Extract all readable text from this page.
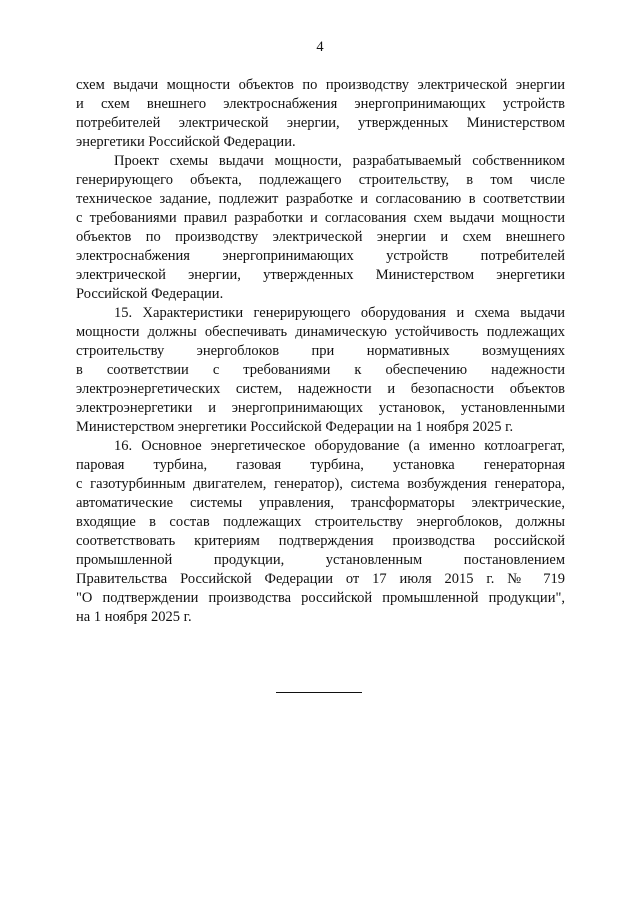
4
схем выдачи мощности объектов по производству электрической энергии
и схем внешнего электроснабжения энергопринимающих устройств
потребителей электрической энергии, утвержденных Министерством
энергетики Российской Федерации.
Проект схемы выдачи мощности, разрабатываемый собственником
генерирующего объекта, подлежащего строительству, в том числе
техническое задание, подлежит разработке и согласованию в соответствии
с требованиями правил разработки и согласования схем выдачи мощности
объектов по производству электрической энергии и схем внешнего
электроснабжения энергопринимающих устройств потребителей
электрической энергии, утвержденных Министерством энергетики
Российской Федерации.
15. Характеристики генерирующего оборудования и схема выдачи
мощности должны обеспечивать динамическую устойчивость подлежащих
строительству энергоблоков при нормативных возмущениях
в соответствии с требованиями к обеспечению надежности
электроэнергетических систем, надежности и безопасности объектов
электроэнергетики и энергопринимающих установок, установленными
Министерством энергетики Российской Федерации на 1 ноября 2025 г.
16. Основное энергетическое оборудование (а именно котлоагрегат,
паровая турбина, газовая турбина, установка генераторная
с газотурбинным двигателем, генератор), система возбуждения генератора,
автоматические системы управления, трансформаторы электрические,
входящие в состав подлежащих строительству энергоблоков, должны
соответствовать критериям подтверждения производства российской
промышленной продукции, установленным постановлением
Правительства Российской Федерации от 17 июля 2015 г. № 719
"О подтверждении производства российской промышленной продукции",
на 1 ноября 2025 г.
